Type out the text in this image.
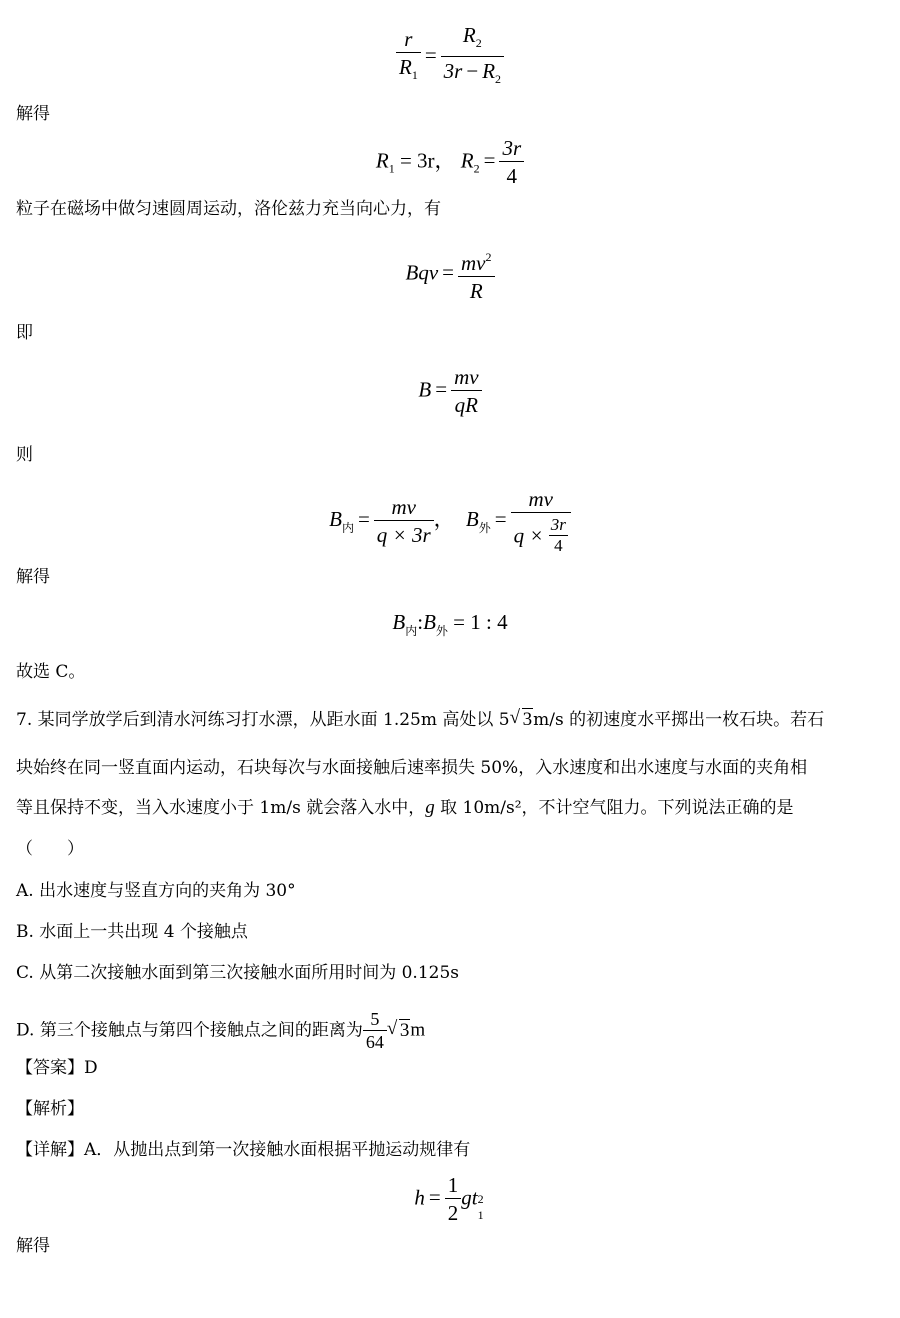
$\frac{r}{R_1} = \frac{R_2}{3r - R_2}$
解得
$R_1 = 3r$， $R_2 = \frac{3r}{4}$
粒子在磁场中做匀速圆周运动，洛伦兹力充当向心力，有
Bqv = $\frac{mv^2}{R}$
即
$B = \frac{mv}{qR}$
则
$B_内 = \frac{mv}{q \times 3r}$ ， $B_外 = \frac{mv}{q \times \frac{3r}{4}}$
解得
$B_内:B_外 = 1$ : 4
故选 C。
7. 某同学放学后到清水河练习打水漂，从距水面 1.25m 高处以 5 √ 3m/s 的初速度水平掷出一枚石块。若石
块始终在同一竖直面内运动，石块每次与水面接触后速率损失 50%，入水速度和出水速度与水面的夹角相
等且保持不变，当入水速度小于 1m/s 就会落入水中，g 取 10m/s²，不计空气阻力。下列说法正确的是
（　　）
A. 出水速度与竖直方向的夹角为 30°
B. 水面上一共出现 4 个接触点
C. 从第二次接触水面到第三次接触水面所用时间为 0.125s
D. 第三个接触点与第四个接触点之间的距离为 $\frac{5}{64}$ √ 3m
【答案】D
【解析】
【详解】A．从抛出点到第一次接触水面根据平抛运动规律有
$h = \frac{1}{2}$ gt 2
1
解得
